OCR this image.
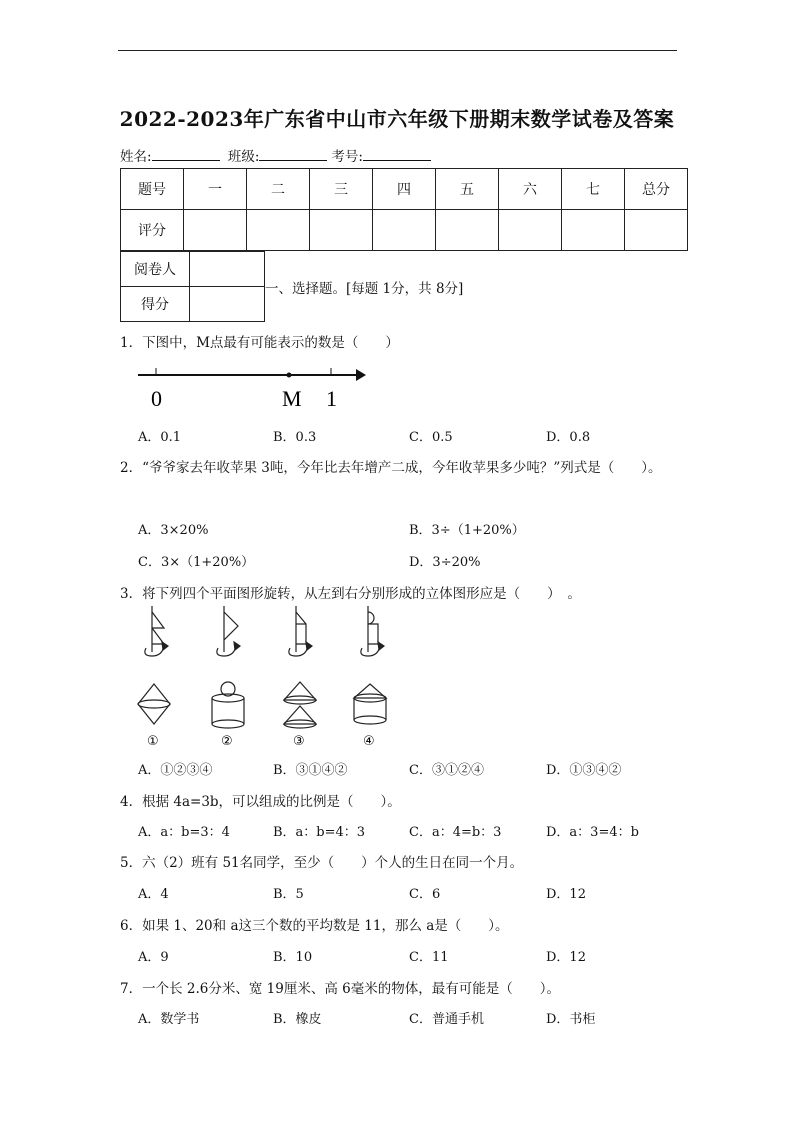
2022-2023年广东省中山市六年级下册期末数学试卷及答案
姓名:	班级:	考号:
题号	一	二	三	四	五	六	七	总分
评分								
阅卷人	
得分	
一、选择题。[每题 1分，共 8分]
1．下图中，M点最有可能表示的数是（　　）
0	M 1
A．0.1	B．0.3	C．0.5	D．0.8
2．“爷爷家去年收苹果 3吨，今年比去年增产二成，今年收苹果多少吨？”列式是（　　）。
A．3×20%	B．3÷（1+20%）
C．3×（1+20%）	D．3÷20%
3．将下列四个平面图形旋转，从左到右分别形成的立体图形应是（　　）　。
①	②	③	④
A．①②③④	B．③①④②	C．③①②④	D．①③④②
4．根据 4a=3b，可以组成的比例是（　　）。
A．a：b=3：4	B．a：b=4：3	C．a：4=b：3	D．a：3=4：b
5．六（2）班有 51名同学，至少（　　）个人的生日在同一个月。
A．4	B．5	C．6	D．12
6．如果 1、20和 a这三个数的平均数是 11，那么 a是（　　）。
A．9	B．10	C．11	D．12
7．一个长 2.6分米、宽 19厘米、高 6毫米的物体，最有可能是（　　）。
A．数学书	B．橡皮	C．普通手机	D．书柜
